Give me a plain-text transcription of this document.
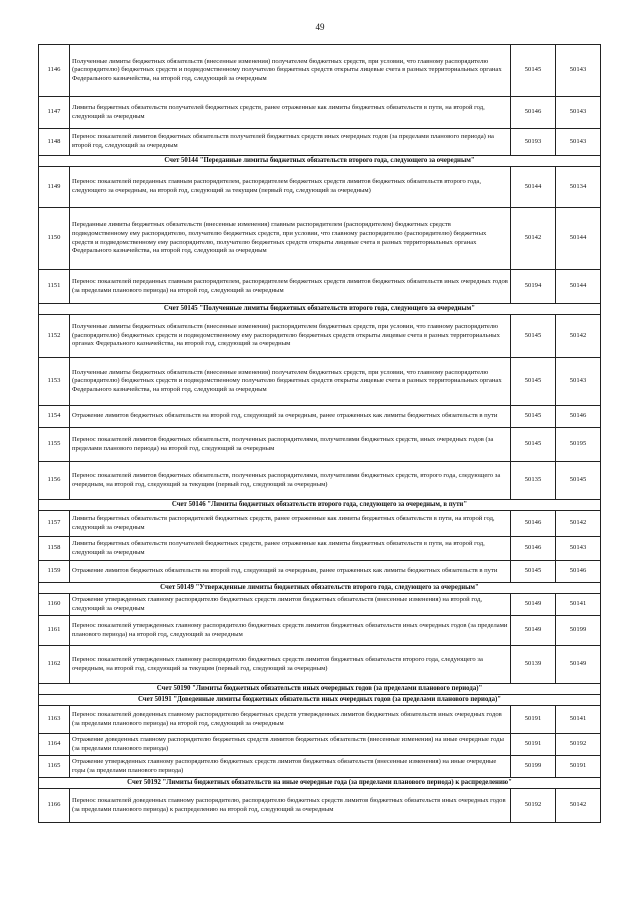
49
1146	Полученные лимиты бюджетных обязательств (внесенные изменения) получателем бюджетных средств, при условии, что главному распорядителю (распорядителю) бюджетных средств и подведомственному получателю бюджетных средств открыты лицевые счета в разных территориальных органах Федерального казначейства, на второй год, следующий за очередным	50145	50143
1147	Лимиты бюджетных обязательств получателей бюджетных средств, ранее отраженные как лимиты бюджетных обязательств в пути, на второй год, следующий за очередным	50146	50143
1148	Перенос показателей лимитов бюджетных обязательств получателей бюджетных средств иных очередных годов (за пределами планового периода) на второй год, следующий за очередным	50193	50143
Счет 50144 "Переданные лимиты бюджетных обязательств второго года, следующего за очередным"			
1149	Перенос показателей переданных главным распорядителем, распорядителем бюджетных средств лимитов бюджетных обязательств второго года, следующего за очередным, на второй год, следующий за текущим (первый год, следующий за очередным)	50144	50134
1150	Переданные лимиты бюджетных обязательств (внесенные изменения) главным распорядителем (распорядителем) бюджетных средств подведомственному ему распорядителю, получателю бюджетных средств, при условии, что главному распорядителю (распорядителю) бюджетных средств и подведомственному ему распорядителю, получателю бюджетных средств открыты лицевые счета в разных территориальных органах Федерального казначейства, на второй год, следующий за очередным	50142	50144
1151	Перенос показателей переданных главным распорядителем, распорядителем бюджетных средств лимитов бюджетных обязательств иных очередных годов (за пределами планового периода) на второй год, следующий за очередным	50194	50144
Счет 50145 "Полученные лимиты бюджетных обязательств второго года, следующего за очередным"			
1152	Полученные лимиты бюджетных обязательств (внесенные изменения) распорядителем бюджетных средств, при условии, что главному распорядителю (распорядителю) бюджетных средств и подведомственному ему распорядителю бюджетных средств открыты лицевые счета в разных территориальных органах Федерального казначейства, на второй год, следующий за очередным	50145	50142
1153	Полученные лимиты бюджетных обязательств (внесенные изменения) получателем бюджетных средств, при условии, что главному распорядителю (распорядителю) бюджетных средств и подведомственному получателю бюджетных средств открыты лицевые счета в разных территориальных органах Федерального казначейства, на второй год, следующий за очередным	50145	50143
1154	Отражение лимитов бюджетных обязательств на второй год, следующий за очередным, ранее отраженных как лимиты бюджетных обязательств в пути	50145	50146
1155	Перенос показателей лимитов бюджетных обязательств, полученных распорядителями, получателями бюджетных средств, иных очередных годов (за пределами планового периода) на второй год, следующий за очередным	50145	50195
1156	Перенос показателей лимитов бюджетных обязательств, полученных распорядителями, получателями бюджетных средств, второго года, следующего за очередным, на второй год, следующий за текущим (первый год, следующий за очередным)	50135	50145
Счет 50146 "Лимиты бюджетных обязательств второго года, следующего за очередным, в пути"			
1157	Лимиты бюджетных обязательств распорядителей бюджетных средств, ранее отраженные как лимиты бюджетных обязательств в пути, на второй год, следующий за очередным	50146	50142
1158	Лимиты бюджетных обязательств получателей бюджетных средств, ранее отраженные как лимиты бюджетных обязательств в пути, на второй год, следующий за очередным	50146	50143
1159	Отражение лимитов бюджетных обязательств на второй год, следующий за очередным, ранее отраженных как лимиты бюджетных обязательств в пути	50145	50146
Счет 50149 "Утвержденные лимиты бюджетных обязательств второго года, следующего за очередным"			
1160	Отражение утвержденных главному распорядителю бюджетных средств лимитов бюджетных обязательств (внесенные изменения) на второй год, следующий за очередным	50149	50141
1161	Перенос показателей утвержденных главному распорядителю бюджетных средств лимитов бюджетных обязательств иных очередных годов (за пределами планового периода) на второй год, следующий за очередным	50149	50199
1162	Перенос показателей утвержденных главному распорядителю бюджетных средств лимитов бюджетных обязательств второго года, следующего за очередным, на второй год, следующий за текущим (первый год, следующий за очередным)	50139	50149
Счет 50190 "Лимиты бюджетных обязательств иных очередных годов (за пределами планового периода)"			
Счет 50191 "Доведенные лимиты бюджетных обязательств иных очередных годов (за пределами планового периода)"			
1163	Перенос показателей доведенных главному распорядителю бюджетных средств утвержденных лимитов бюджетных обязательств иных очередных годов (за пределами планового периода) на второй год, следующий за очередным	50191	50141
1164	Отражение доведенных главному распорядителю бюджетных средств лимитов бюджетных обязательств (внесенные изменения) на иные очередные годы (за пределами планового периода)	50191	50192
1165	Отражение утвержденных главному распорядителю бюджетных средств лимитов бюджетных обязательств (внесенные изменения) на иные очередные годы (за пределами планового периода)	50199	50191
Счет 50192 "Лимиты бюджетных обязательств на иные очередные года (за пределами планового периода) к распределению"			
1166	Перенос показателей доведенных главному распорядителю, распорядителю бюджетных средств лимитов бюджетных обязательств иных очередных годов (за пределами планового периода) к распределению на второй год, следующий за очередным	50192	50142
